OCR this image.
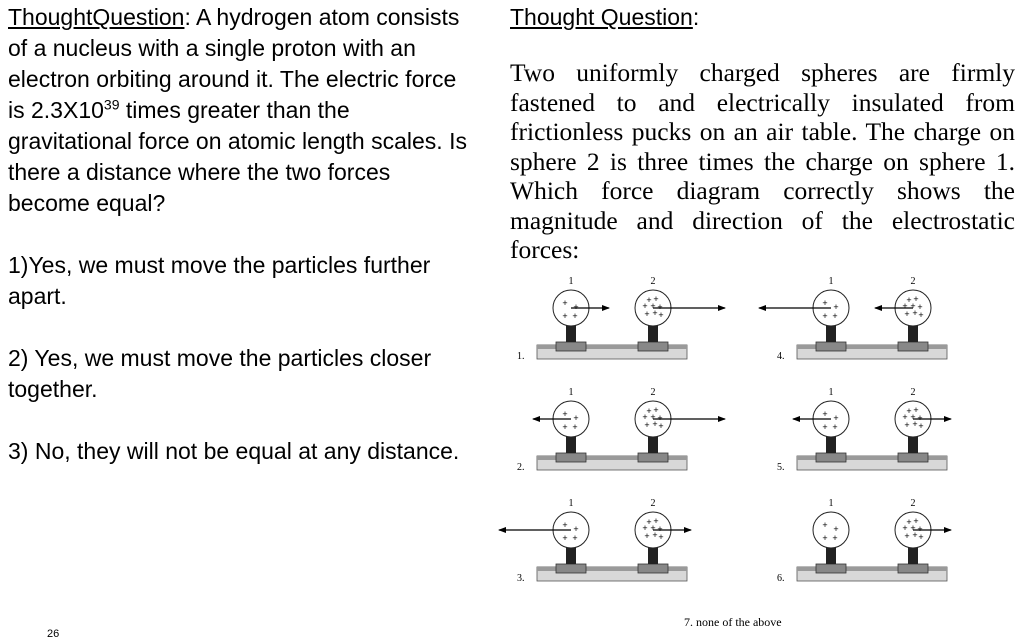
ThoughtQuestion: A hydrogen atom consists of a nucleus with a single proton with an electron orbiting around it. The electric force is $2.3X10^{39}$ times greater than the gravitational force on atomic length scales. Is there a distance where the two forces become equal?

1)Yes, we must move the particles further apart.

2) Yes, we must move the particles closer together.

3) No, they will not be equal at any distance.

Thought Question:
Two uniformly charged spheres are firmly fastened to and electrically insulated from frictionless pucks on an air table. The charge on sphere 2 is three times the charge on sphere 1. Which force diagram correctly shows the magnitude and direction of the electrostatic forces:
+ +
+ +
+ +
+ + +
+ + +
1	2
1.
+ +
+ +
+ +
+ + +
+ + +
1	2
2.
+ +
+ +
+ +
+ + +
+ + +
1	2
3.
+ +
+ +
+ +
+ + +
+ + +
1	2
4.
+ +
+ +
+ +
+ + +
+ + +
1	2
5.
+ +
+ +
+ +
+ + +
+ + +
1	2
6.
7. none of the above
26
